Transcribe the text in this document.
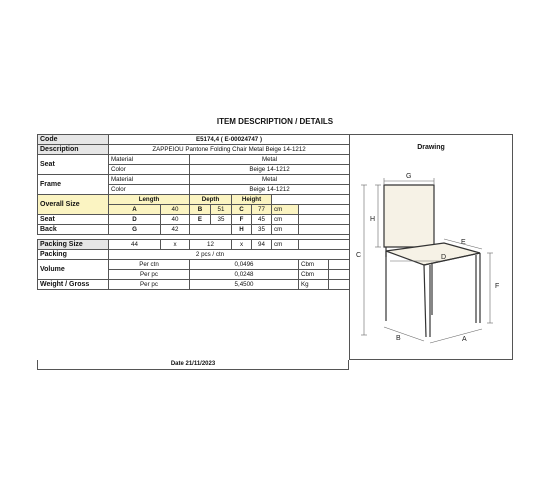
ITEM DESCRIPTION / DETAILS
Code	E5174,4 ( E-00024747 )								
Description	ZAPPEIOU Pantone Folding Chair Metal Beige 14-1212								
Seat	Material		Metal						
	Color		Beige 14-1212						
Frame	Material		Metal						
	Color		Beige 14-1212						
Overall Size	Length		Depth		Height				
	A	40	B	51	C	77	cm		
Seat	D	40	E	35	F	45	cm		
Back	G	42			H	35	cm		

Packing Size	44	x	12		x	94	cm		
Packing	2 pcs / ctn								
Volume	Per ctn		0,0496					Cbm	
	Per pc		0,0248					Cbm	
Weight / Gross	Per pc		5,4500					Kg	
Date 21/11/2023
Drawing
G
H
C
E
D
F
B	A
